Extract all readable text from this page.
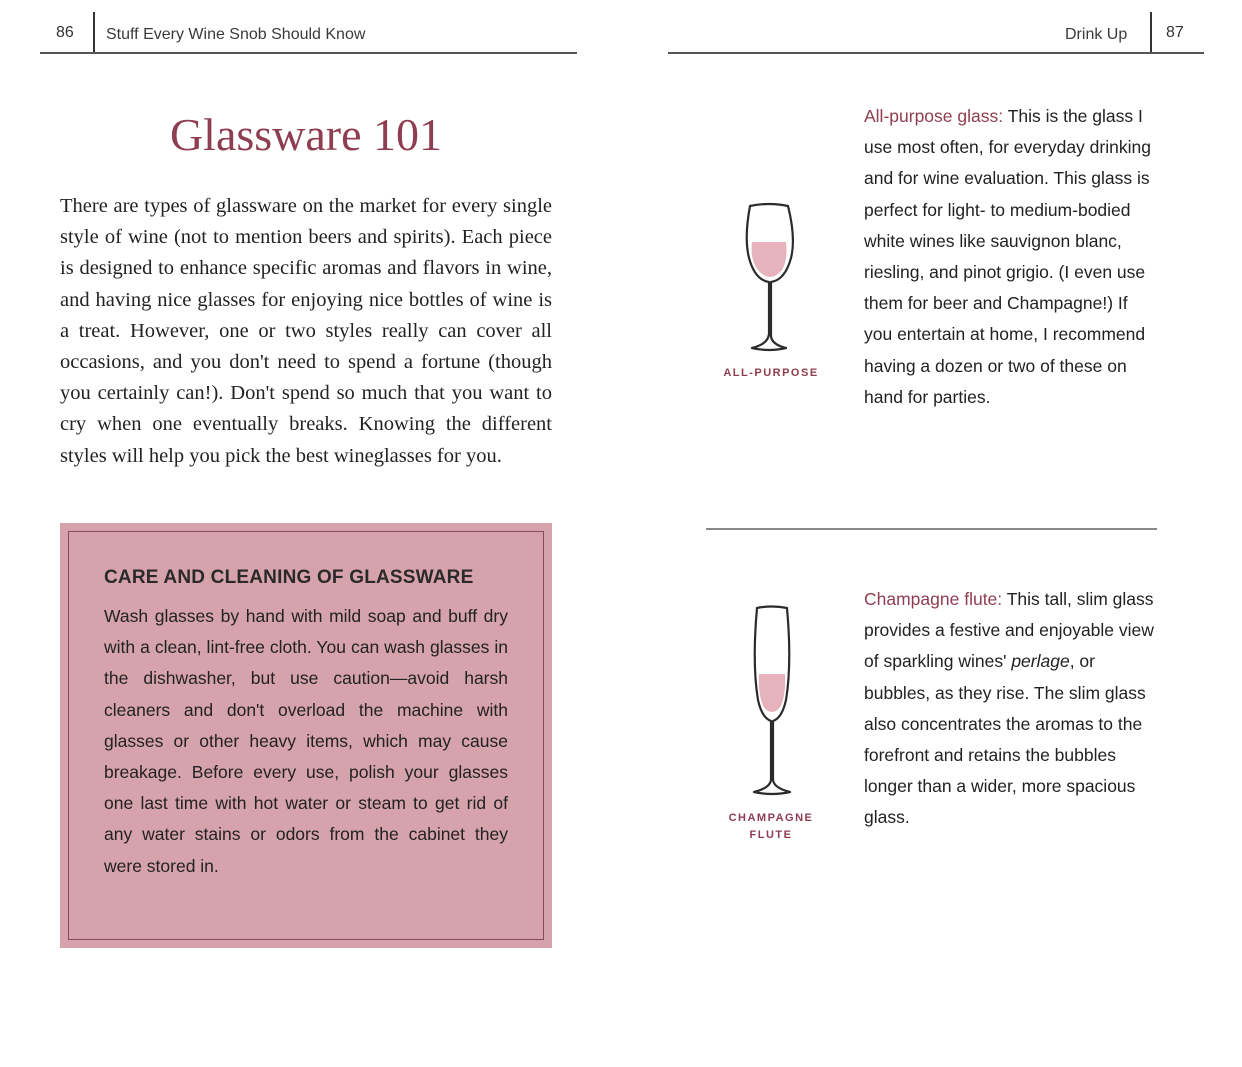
86 Stuff Every Wine Snob Should Know
Glassware 101

There are types of glassware on the market for every single style of wine (not to mention beers and spirits). Each piece is designed to enhance specific aromas and flavors in wine, and having nice glasses for enjoying nice bottles of wine is a treat. However, one or two styles really can cover all occasions, and you don't need to spend a fortune (though you certainly can!). Don't spend so much that you want to cry when one eventually breaks. Knowing the different styles will help you pick the best wineglasses for you.

CARE AND CLEANING OF GLASSWARE

Wash glasses by hand with mild soap and buff dry with a clean, lint-free cloth. You can wash glasses in the dishwasher, but use caution—avoid harsh cleaners and don't overload the machine with glasses or other heavy items, which may cause breakage. Before every use, polish your glasses one last time with hot water or steam to get rid of any water stains or odors from the cabinet they were stored in.

Drink Up 87
ALL-PURPOSE

All-purpose glass: This is the glass I use most often, for everyday drinking and for wine evaluation. This glass is perfect for light- to medium-bodied white wines like sauvignon blanc, riesling, and pinot grigio. (I even use them for beer and Champagne!) If you entertain at home, I recommend having a dozen or two of these on hand for parties.

CHAMPAGNE
FLUTE

Champagne flute: This tall, slim glass provides a festive and enjoyable view of sparkling wines' perlage, or bubbles, as they rise. The slim glass also concentrates the aromas to the forefront and retains the bubbles longer than a wider, more spacious glass.
